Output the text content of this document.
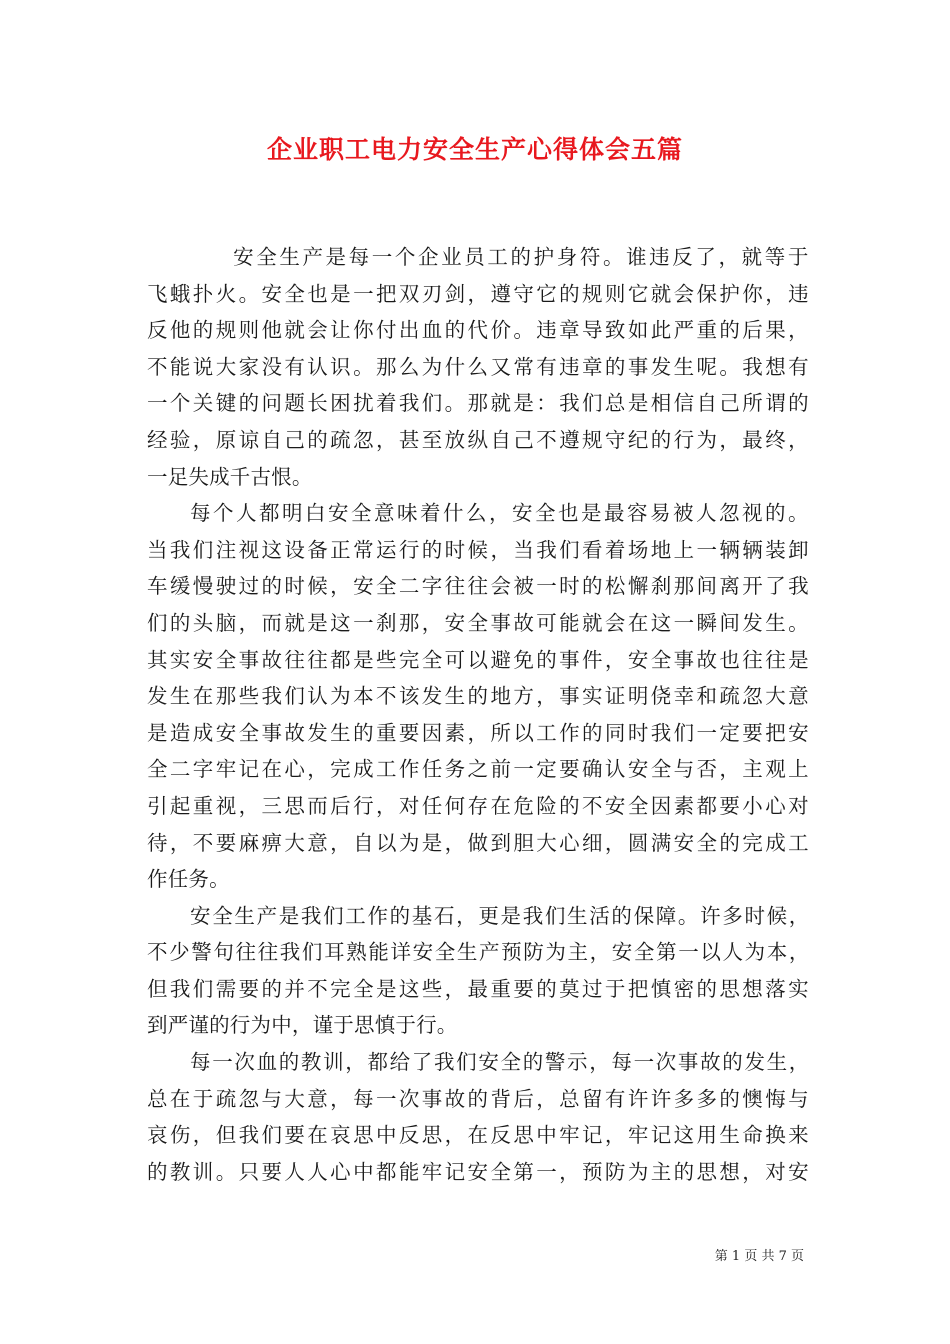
企业职工电力安全生产心得体会五篇
安全生产是每一个企业员工的护身符。谁违反了，就等于
飞蛾扑火。安全也是一把双刃剑，遵守它的规则它就会保护你，违
反他的规则他就会让你付出血的代价。违章导致如此严重的后果，
不能说大家没有认识。那么为什么又常有违章的事发生呢。我想有
一个关键的问题长困扰着我们。那就是：我们总是相信自己所谓的
经验，原谅自己的疏忽，甚至放纵自己不遵规守纪的行为，最终，
一足失成千古恨。
每个人都明白安全意味着什么，安全也是最容易被人忽视的。
当我们注视这设备正常运行的时候，当我们看着场地上一辆辆装卸
车缓慢驶过的时候，安全二字往往会被一时的松懈刹那间离开了我
们的头脑，而就是这一刹那，安全事故可能就会在这一瞬间发生。
其实安全事故往往都是些完全可以避免的事件，安全事故也往往是
发生在那些我们认为本不该发生的地方，事实证明侥幸和疏忽大意
是造成安全事故发生的重要因素，所以工作的同时我们一定要把安
全二字牢记在心，完成工作任务之前一定要确认安全与否，主观上
引起重视，三思而后行，对任何存在危险的不安全因素都要小心对
待，不要麻痹大意，自以为是，做到胆大心细，圆满安全的完成工
作任务。
安全生产是我们工作的基石，更是我们生活的保障。许多时候，
不少警句往往我们耳熟能详安全生产预防为主，安全第一以人为本，
但我们需要的并不完全是这些，最重要的莫过于把慎密的思想落实
到严谨的行为中，谨于思慎于行。
每一次血的教训，都给了我们安全的警示，每一次事故的发生，
总在于疏忽与大意，每一次事故的背后，总留有许许多多的懊悔与
哀伤，但我们要在哀思中反思，在反思中牢记，牢记这用生命换来
的教训。只要人人心中都能牢记安全第一，预防为主的思想，对安
第 1 页 共 7 页
